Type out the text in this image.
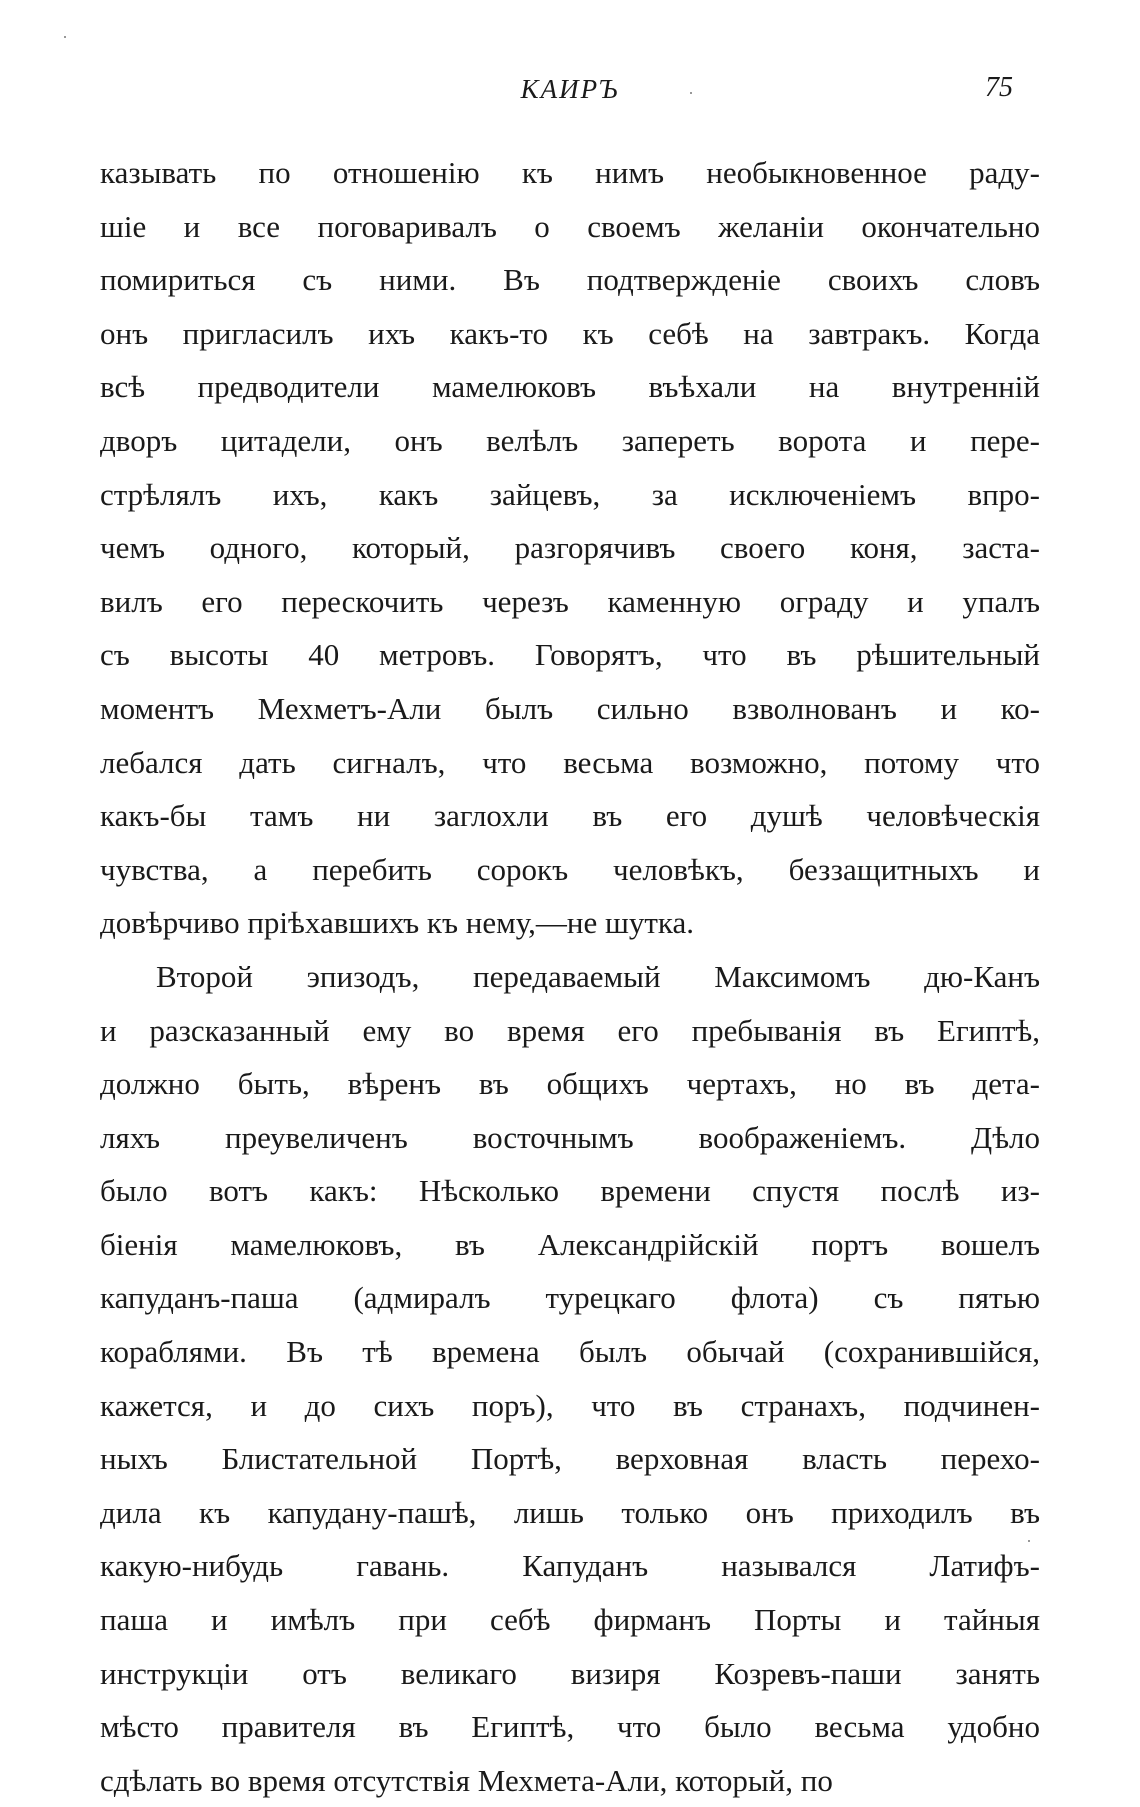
КАИРЪ	75
казывать по отношенію къ нимъ необыкновенное раду-
шіе и все поговаривалъ о своемъ желаніи окончательно
помириться съ ними. Въ подтвержденіе своихъ словъ
онъ пригласилъ ихъ какъ-то къ себѣ на завтракъ. Когда
всѣ предводители мамелюковъ въѣхали на внутренній
дворъ цитадели, онъ велѣлъ запереть ворота и пере-
стрѣлялъ ихъ, какъ зайцевъ, за исключеніемъ впро-
чемъ одного, который, разгорячивъ своего коня, заста-
вилъ его перескочить черезъ каменную ограду и упалъ
съ высоты 40 метровъ. Говорятъ, что въ рѣшительный
моментъ Мехметъ-Али былъ сильно взволнованъ и ко-
лебался дать сигналъ, что весьма возможно, потому что
какъ-бы тамъ ни заглохли въ его душѣ человѣческія
чувства, а перебить сорокъ человѣкъ, беззащитныхъ и
довѣрчиво пріѣхавшихъ къ нему,—не шутка.
Второй эпизодъ, передаваемый Максимомъ дю-Канъ
и разсказанный ему во время его пребыванія въ Египтѣ,
должно быть, вѣренъ въ общихъ чертахъ, но въ дета-
ляхъ преувеличенъ восточнымъ воображеніемъ. Дѣло
было вотъ какъ: Нѣсколько времени спустя послѣ из-
біенія мамелюковъ, въ Александрійскій портъ вошелъ
капуданъ-паша (адмиралъ турецкаго флота) съ пятью
кораблями. Въ тѣ времена былъ обычай (сохранившійся,
кажется, и до сихъ поръ), что въ странахъ, подчинен-
ныхъ Блистательной Портѣ, верховная власть перехо-
дила къ капудану-пашѣ, лишь только онъ приходилъ въ
какую-нибудь гавань. Капуданъ назывался Латифъ-
паша и имѣлъ при себѣ фирманъ Порты и тайныя
инструкціи отъ великаго визиря Козревъ-паши занять
мѣсто правителя въ Египтѣ, что было весьма удобно
сдѣлать во время отсутствія Мехмета-Али, который, по
